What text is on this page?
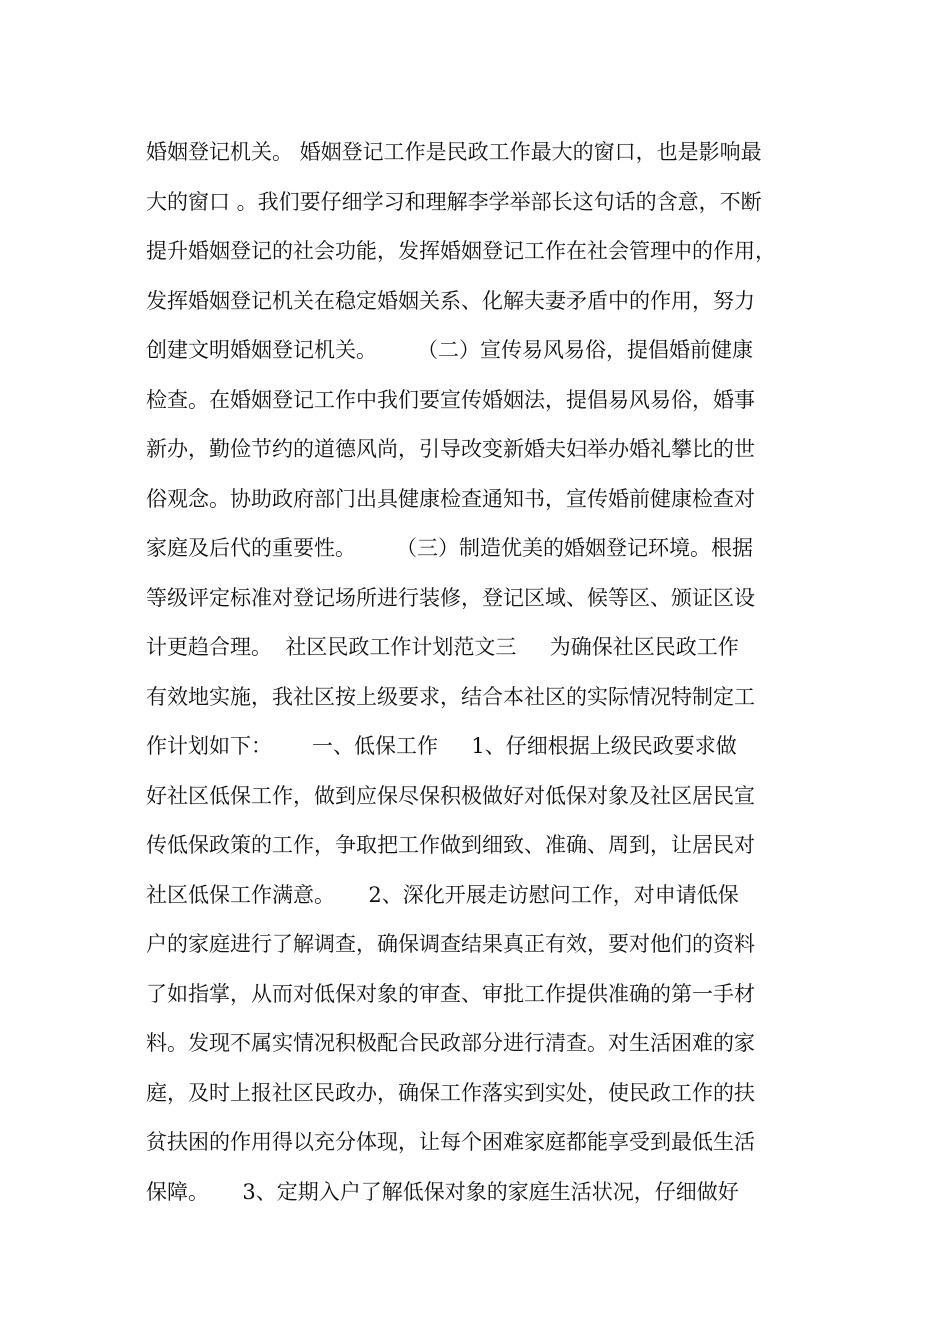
婚姻登记机关。 婚姻登记工作是民政工作最大的窗口，也是影响最
大的窗口 。我们要仔细学习和理解李学举部长这句话的含意，不断
提升婚姻登记的社会功能，发挥婚姻登记工作在社会管理中的作用，
发挥婚姻登记机关在稳定婚姻关系、化解夫妻矛盾中的作用，努力
创建文明婚姻登记机关。      （二）宣传易风易俗，提倡婚前健康
检查。在婚姻登记工作中我们要宣传婚姻法，提倡易风易俗，婚事
新办，勤俭节约的道德风尚，引导改变新婚夫妇举办婚礼攀比的世
俗观念。协助政府部门出具健康检查通知书，宣传婚前健康检查对
家庭及后代的重要性。      （三）制造优美的婚姻登记环境。根据
等级评定标准对登记场所进行装修，登记区域、候等区、颁证区设
计更趋合理。  社区民政工作计划范文三     为确保社区民政工作
有效地实施，我社区按上级要求，结合本社区的实际情况特制定工
作计划如下：      一、低保工作     1、仔细根据上级民政要求做
好社区低保工作，做到应保尽保积极做好对低保对象及社区居民宣
传低保政策的工作，争取把工作做到细致、准确、周到，让居民对
社区低保工作满意。     2、深化开展走访慰问工作，对申请低保
户的家庭进行了解调查，确保调查结果真正有效，要对他们的资料
了如指掌，从而对低保对象的审查、审批工作提供准确的第一手材
料。发现不属实情况积极配合民政部分进行清查。对生活困难的家
庭，及时上报社区民政办，确保工作落实到实处，使民政工作的扶
贫扶困的作用得以充分体现，让每个困难家庭都能享受到最低生活
保障。     3、定期入户了解低保对象的家庭生活状况，仔细做好
